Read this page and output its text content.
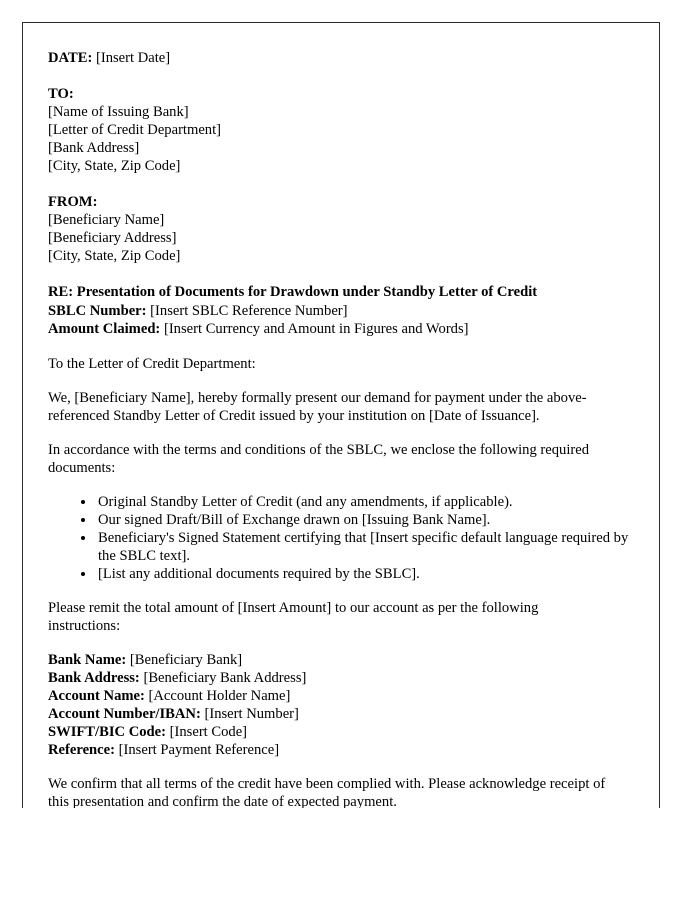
DATE: [Insert Date]
TO:
[Name of Issuing Bank]
[Letter of Credit Department]
[Bank Address]
[City, State, Zip Code]
FROM:
[Beneficiary Name]
[Beneficiary Address]
[City, State, Zip Code]
RE: Presentation of Documents for Drawdown under Standby Letter of Credit
SBLC Number: [Insert SBLC Reference Number]
Amount Claimed: [Insert Currency and Amount in Figures and Words]
To the Letter of Credit Department:
We, [Beneficiary Name], hereby formally present our demand for payment under the above-referenced Standby Letter of Credit issued by your institution on [Date of Issuance].
In accordance with the terms and conditions of the SBLC, we enclose the following required documents:
• Original Standby Letter of Credit (and any amendments, if applicable).
• Our signed Draft/Bill of Exchange drawn on [Issuing Bank Name].
• Beneficiary's Signed Statement certifying that [Insert specific default language required by the SBLC text].
• [List any additional documents required by the SBLC].
Please remit the total amount of [Insert Amount] to our account as per the following instructions:
Bank Name: [Beneficiary Bank]
Bank Address: [Beneficiary Bank Address]
Account Name: [Account Holder Name]
Account Number/IBAN: [Insert Number]
SWIFT/BIC Code: [Insert Code]
Reference: [Insert Payment Reference]
We confirm that all terms of the credit have been complied with. Please acknowledge receipt of this presentation and confirm the date of expected payment.
